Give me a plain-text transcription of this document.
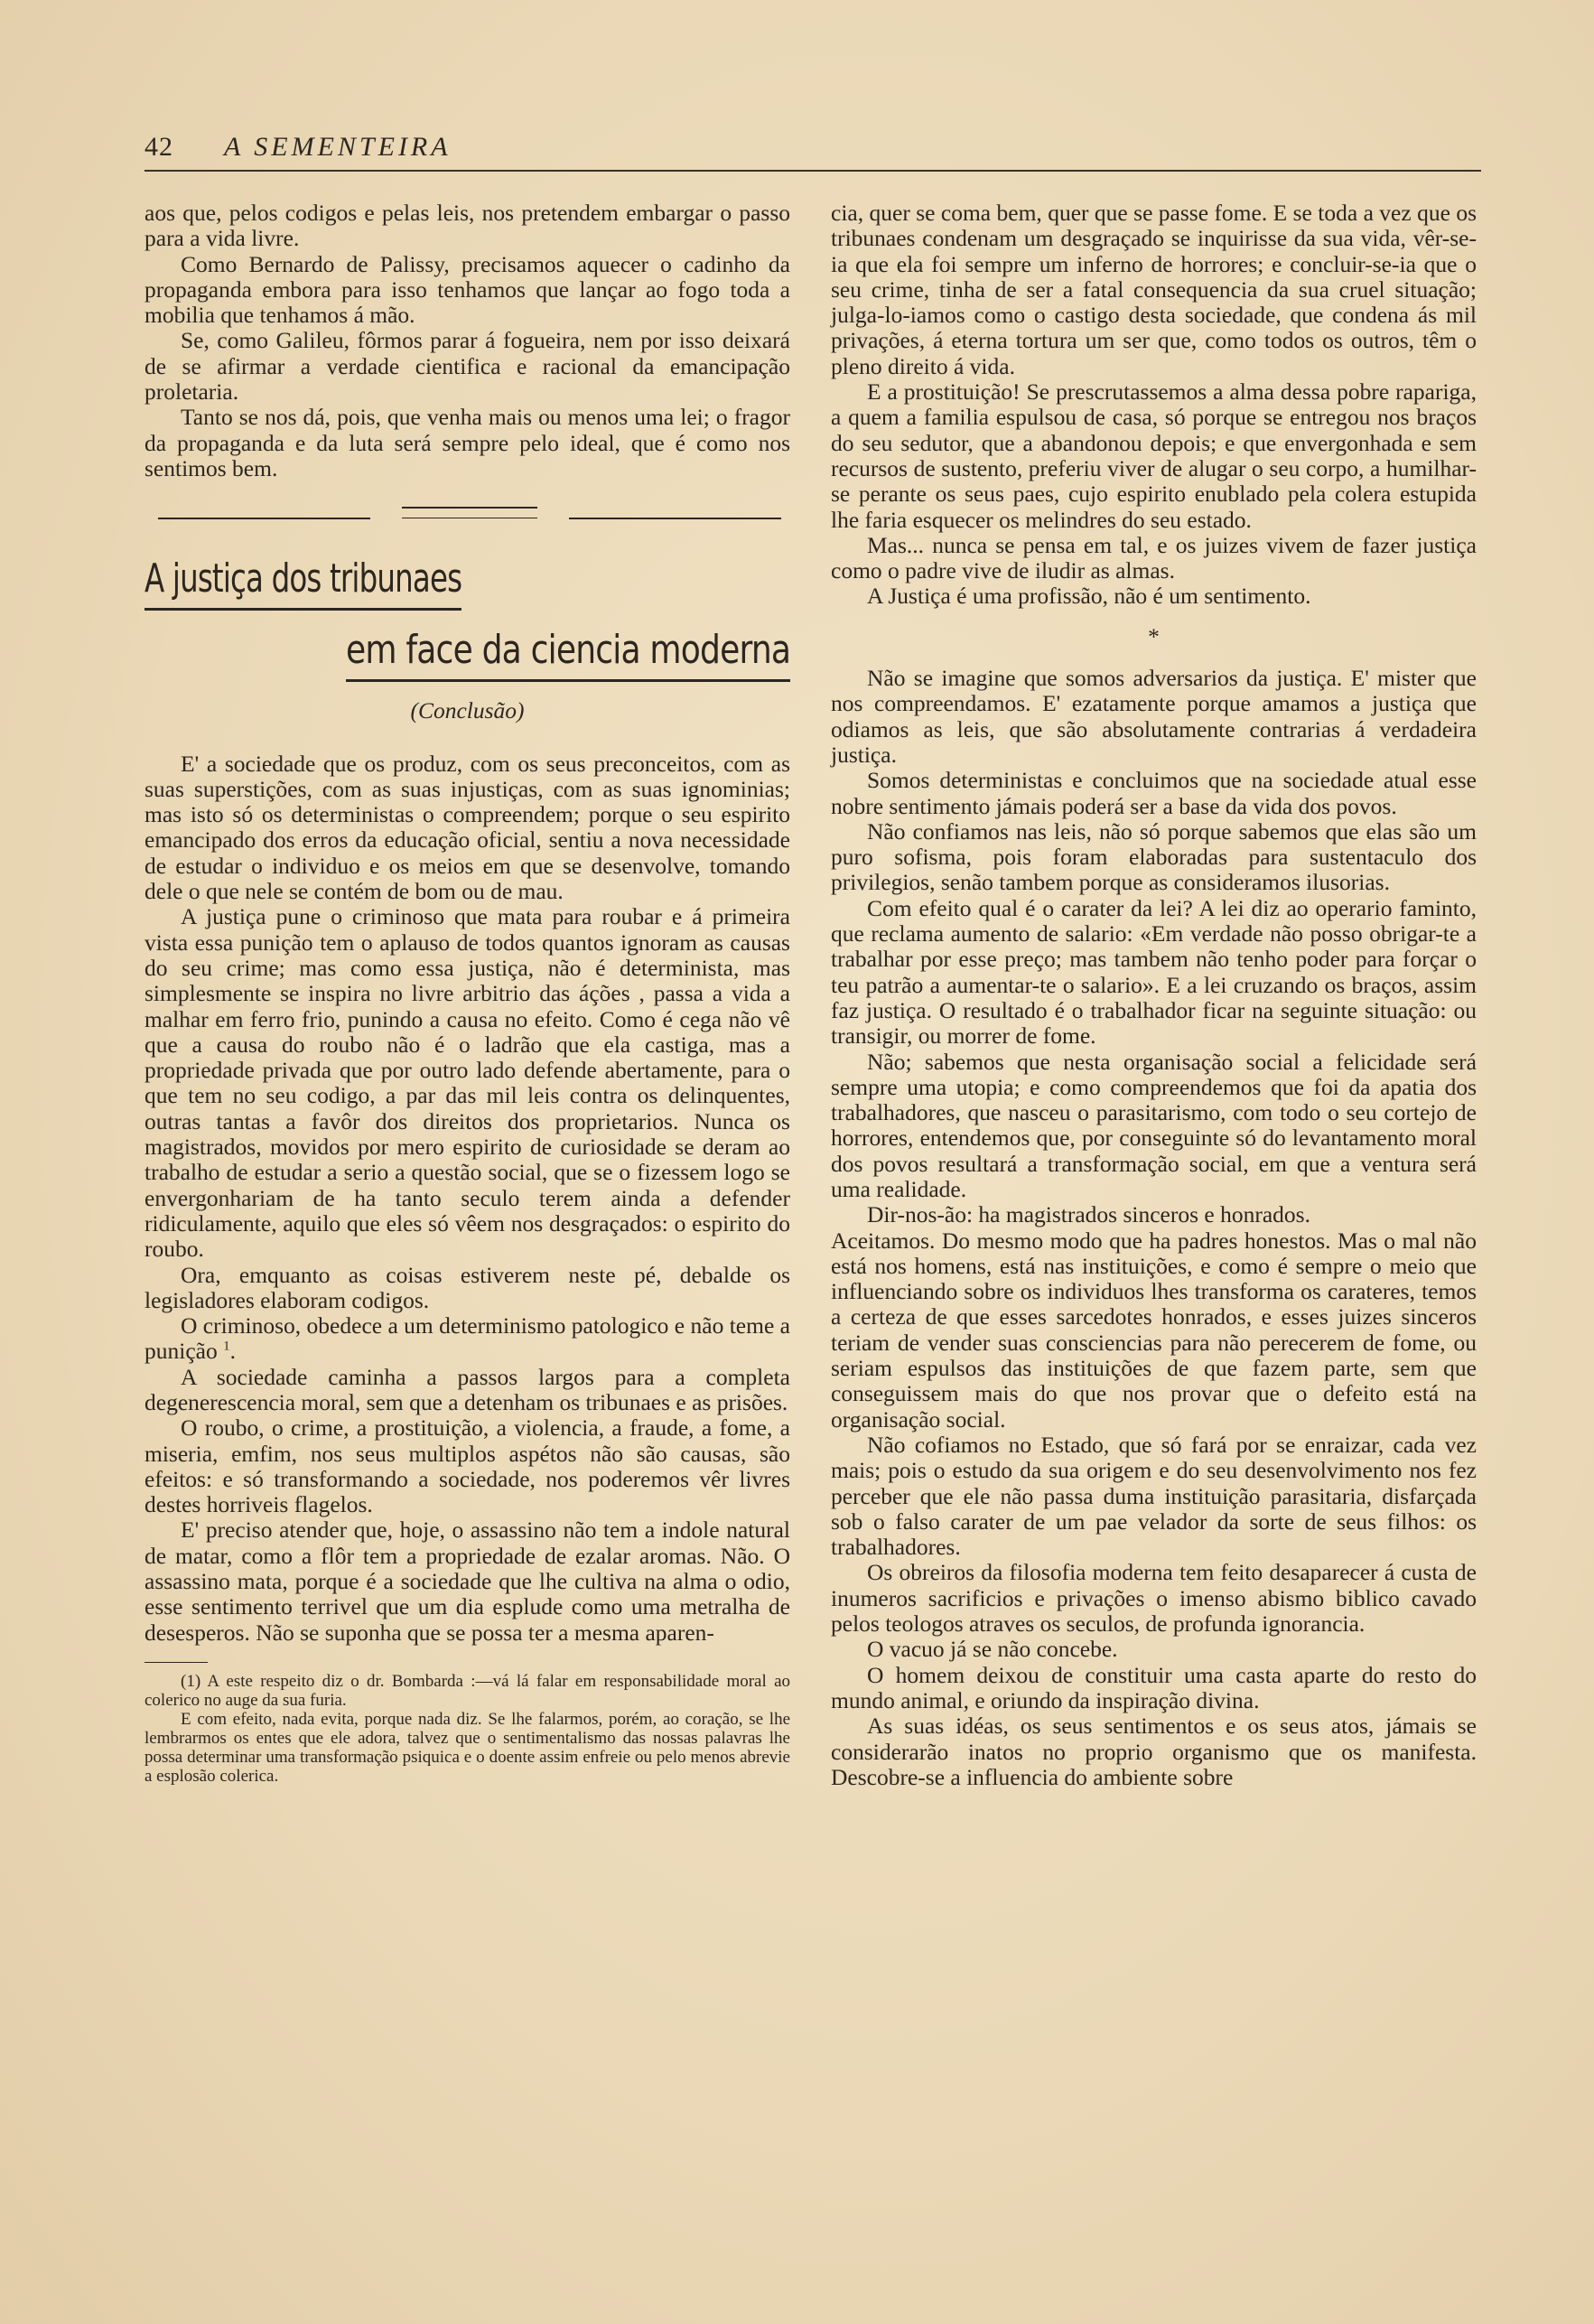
42 A SEMENTEIRA

aos que, pelos codigos e pelas leis, nos pretendem embargar o passo para a vida livre.

Como Bernardo de Palissy, precisamos aquecer o cadinho da propaganda embora para isso tenhamos que lançar ao fogo toda a mobilia que tenhamos á mão.

Se, como Galileu, fôrmos parar á fogueira, nem por isso deixará de se afirmar a verdade cientifica e racional da emancipação proletaria.

Tanto se nos dá, pois, que venha mais ou menos uma lei; o fragor da propaganda e da luta será sempre pelo ideal, que é como nos sentimos bem.

A justiça dos tribunaes
em face da ciencia moderna
(Conclusão)

E' a sociedade que os produz, com os seus preconceitos, com as suas superstições, com as suas injustiças, com as suas ignominias; mas isto só os deterministas o compreendem; porque o seu espirito emancipado dos erros da educação oficial, sentiu a nova necessidade de estudar o individuo e os meios em que se desenvolve, tomando dele o que nele se contém de bom ou de mau.

A justiça pune o criminoso que mata para roubar e á primeira vista essa punição tem o aplauso de todos quantos ignoram as causas do seu crime; mas como essa justiça, não é determinista, mas simplesmente se inspira no livre arbitrio das áções , passa a vida a malhar em ferro frio, punindo a causa no efeito. Como é cega não vê que a causa do roubo não é o ladrão que ela castiga, mas a propriedade privada que por outro lado defende abertamente, para o que tem no seu codigo, a par das mil leis contra os delinquentes, outras tantas a favôr dos direitos dos proprietarios. Nunca os magistrados, movidos por mero espirito de curiosidade se deram ao trabalho de estudar a serio a questão social, que se o fizessem logo se envergonhariam de ha tanto seculo terem ainda a defender ridiculamente, aquilo que eles só vêem nos desgraçados: o espirito do roubo.

Ora, emquanto as coisas estiverem neste pé, debalde os legisladores elaboram codigos.

O criminoso, obedece a um determinismo patologico e não teme a punição $^1$.

A sociedade caminha a passos largos para a completa degenerescencia moral, sem que a detenham os tribunaes e as prisões.

O roubo, o crime, a prostituição, a violencia, a fraude, a fome, a miseria, emfim, nos seus multiplos aspétos não são causas, são efeitos: e só transformando a sociedade, nos poderemos vêr livres destes horriveis flagelos.

E' preciso atender que, hoje, o assassino não tem a indole natural de matar, como a flôr tem a propriedade de ezalar aromas. Não. O assassino mata, porque é a sociedade que lhe cultiva na alma o odio, esse sentimento terrivel que um dia esplude como uma metralha de desesperos. Não se suponha que se possa ter a mesma aparen-

(1) A este respeito diz o dr. Bombarda :—vá lá falar em responsabilidade moral ao colerico no auge da sua furia.

E com efeito, nada evita, porque nada diz. Se lhe falarmos, porém, ao coração, se lhe lembrarmos os entes que ele adora, talvez que o sentimentalismo das nossas palavras lhe possa determinar uma transformação psiquica e o doente assim enfreie ou pelo menos abrevie a esplosão colerica.

cia, quer se coma bem, quer que se passe fome. E se toda a vez que os tribunaes condenam um desgraçado se inquirisse da sua vida, vêr-se-ia que ela foi sempre um inferno de horrores; e concluir-se-ia que o seu crime, tinha de ser a fatal consequencia da sua cruel situação; julga-lo-iamos como o castigo desta sociedade, que condena ás mil privações, á eterna tortura um ser que, como todos os outros, têm o pleno direito á vida.

E a prostituição! Se prescrutassemos a alma dessa pobre rapariga, a quem a familia espulsou de casa, só porque se entregou nos braços do seu sedutor, que a abandonou depois; e que envergonhada e sem recursos de sustento, preferiu viver de alugar o seu corpo, a humilhar-se perante os seus paes, cujo espirito enublado pela colera estupida lhe faria esquecer os melindres do seu estado.

Mas... nunca se pensa em tal, e os juizes vivem de fazer justiça como o padre vive de iludir as almas.

A Justiça é uma profissão, não é um sentimento.

*

Não se imagine que somos adversarios da justiça. E' mister que nos compreendamos. E' ezatamente porque amamos a justiça que odiamos as leis, que são absolutamente contrarias á verdadeira justiça.

Somos deterministas e concluimos que na sociedade atual esse nobre sentimento jámais poderá ser a base da vida dos povos.

Não confiamos nas leis, não só porque sabemos que elas são um puro sofisma, pois foram elaboradas para sustentaculo dos privilegios, senão tambem porque as consideramos ilusorias.

Com efeito qual é o carater da lei? A lei diz ao operario faminto, que reclama aumento de salario: «Em verdade não posso obrigar-te a trabalhar por esse preço; mas tambem não tenho poder para forçar o teu patrão a aumentar-te o salario». E a lei cruzando os braços, assim faz justiça. O resultado é o trabalhador ficar na seguinte situação: ou transigir, ou morrer de fome.

Não; sabemos que nesta organisação social a felicidade será sempre uma utopia; e como compreendemos que foi da apatia dos trabalhadores, que nasceu o parasitarismo, com todo o seu cortejo de horrores, entendemos que, por conseguinte só do levantamento moral dos povos resultará a transformação social, em que a ventura será uma realidade.

Dir-nos-ão: ha magistrados sinceros e honrados.

Aceitamos. Do mesmo modo que ha padres honestos. Mas o mal não está nos homens, está nas instituições, e como é sempre o meio que influenciando sobre os individuos lhes transforma os carateres, temos a certeza de que esses sarcedotes honrados, e esses juizes sinceros teriam de vender suas consciencias para não perecerem de fome, ou seriam espulsos das instituições de que fazem parte, sem que conseguissem mais do que nos provar que o defeito está na organisação social.

Não cofiamos no Estado, que só fará por se enraizar, cada vez mais; pois o estudo da sua origem e do seu desenvolvimento nos fez perceber que ele não passa duma instituição parasitaria, disfarçada sob o falso carater de um pae velador da sorte de seus filhos: os trabalhadores.

Os obreiros da filosofia moderna tem feito desaparecer á custa de inumeros sacrificios e privações o imenso abismo biblico cavado pelos teologos atraves os seculos, de profunda ignorancia.

O vacuo já se não concebe.

O homem deixou de constituir uma casta aparte do resto do mundo animal, e oriundo da inspiração divina.

As suas idéas, os seus sentimentos e os seus atos, jámais se considerarão inatos no proprio organismo que os manifesta. Descobre-se a influencia do ambiente sobre
